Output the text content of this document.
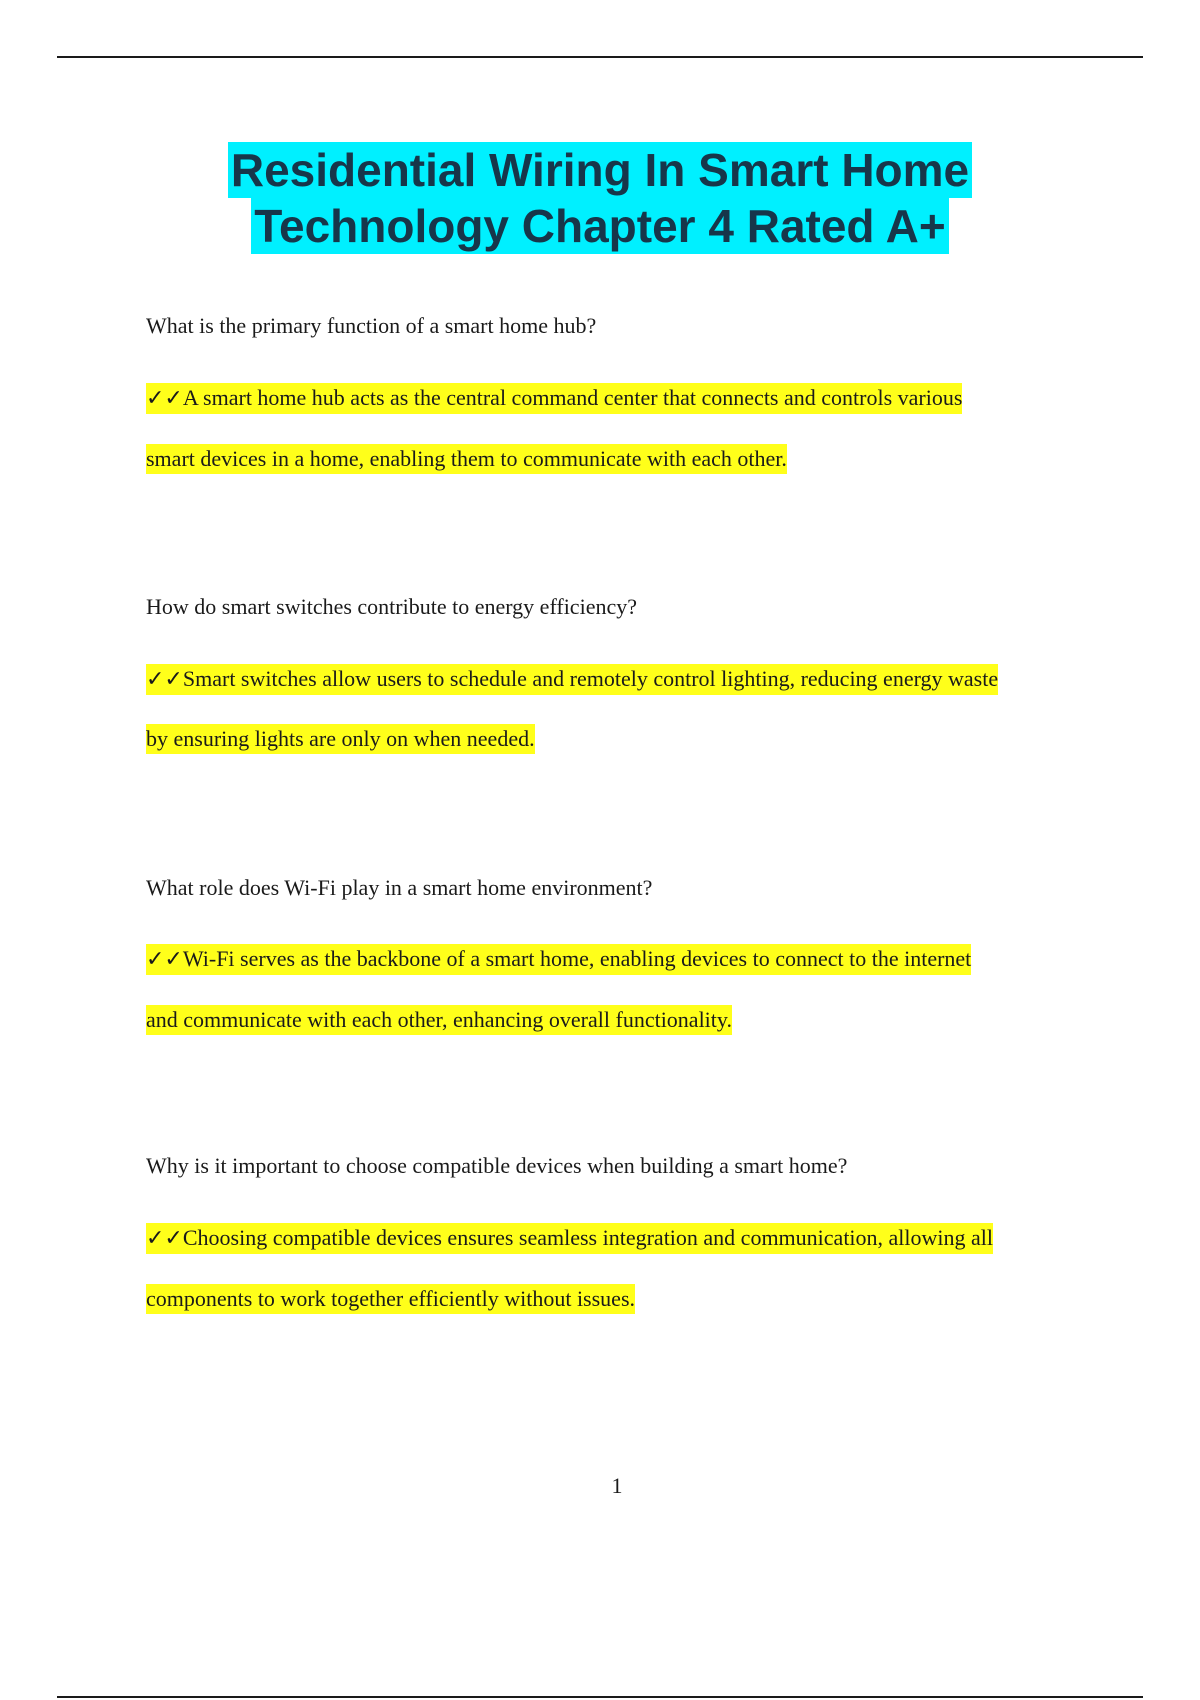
Residential Wiring In Smart Home
Technology Chapter 4 Rated A+
What is the primary function of a smart home hub?
✓✓A smart home hub acts as the central command center that connects and controls various
smart devices in a home, enabling them to communicate with each other.
How do smart switches contribute to energy efficiency?
✓✓Smart switches allow users to schedule and remotely control lighting, reducing energy waste
by ensuring lights are only on when needed.
What role does Wi-Fi play in a smart home environment?
✓✓Wi-Fi serves as the backbone of a smart home, enabling devices to connect to the internet
and communicate with each other, enhancing overall functionality.
Why is it important to choose compatible devices when building a smart home?
✓✓Choosing compatible devices ensures seamless integration and communication, allowing all
components to work together efficiently without issues.
1
